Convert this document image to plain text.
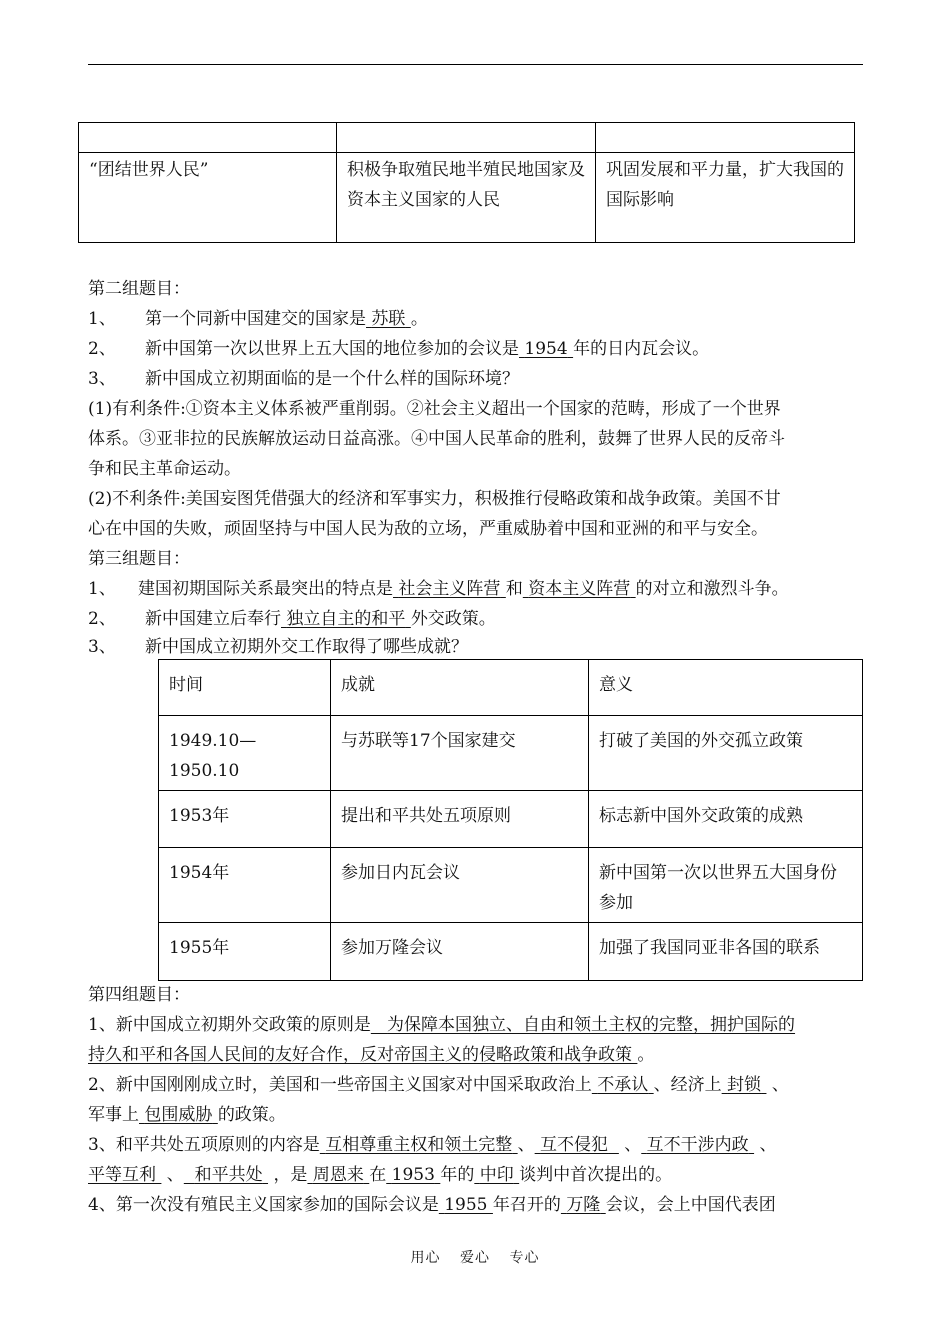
“团结世界人民”	积极争取殖民地半殖民地国家及资本主义国家的人民	巩固发展和平力量，扩大我国的国际影响
第二组题目：
1、 第一个同新中国建交的国家是 苏联 。
2、 新中国第一次以世界上五大国的地位参加的会议是 1954 年的日内瓦会议。
3、 新中国成立初期面临的是一个什么样的国际环境？
(1)有利条件:①资本主义体系被严重削弱。②社会主义超出一个国家的范畴，形成了一个世界
体系。③亚非拉的民族解放运动日益高涨。④中国人民革命的胜利，鼓舞了世界人民的反帝斗
争和民主革命运动。
(2)不利条件:美国妄图凭借强大的经济和军事实力，积极推行侵略政策和战争政策。美国不甘
心在中国的失败，顽固坚持与中国人民为敌的立场，严重威胁着中国和亚洲的和平与安全。
第三组题目：
1、 建国初期国际关系最突出的特点是 社会主义阵营 和 资本主义阵营 的对立和激烈斗争。
2、 新中国建立后奉行 独立自主的和平 外交政策。
3、 新中国成立初期外交工作取得了哪些成就？
时间	成就	意义
1949.10—1950.10	与苏联等17个国家建交	打破了美国的外交孤立政策
1953年	提出和平共处五项原则	标志新中国外交政策的成熟
1954年	参加日内瓦会议	新中国第一次以世界五大国身份参加
1955年	参加万隆会议	加强了我国同亚非各国的联系
第四组题目：
1、新中国成立初期外交政策的原则是 为保障本国独立、自由和领土主权的完整，拥护国际的
持久和平和各国人民间的友好合作，反对帝国主义的侵略政策和战争政策 。
2、新中国刚刚成立时，美国和一些帝国主义国家对中国采取政治上 不承认 、经济上 封锁 、
军事上 包围威胁 的政策。
3、和平共处五项原则的内容是 互相尊重主权和领土完整 、 互不侵犯   、 互不干涉内政 、
平等互利  、 和平共处 ，是 周恩来 在 1953 年的 中印 谈判中首次提出的。
4、第一次没有殖民主义国家参加的国际会议是 1955 年召开的 万隆 会议，会上中国代表团
用心 爱心 专心
